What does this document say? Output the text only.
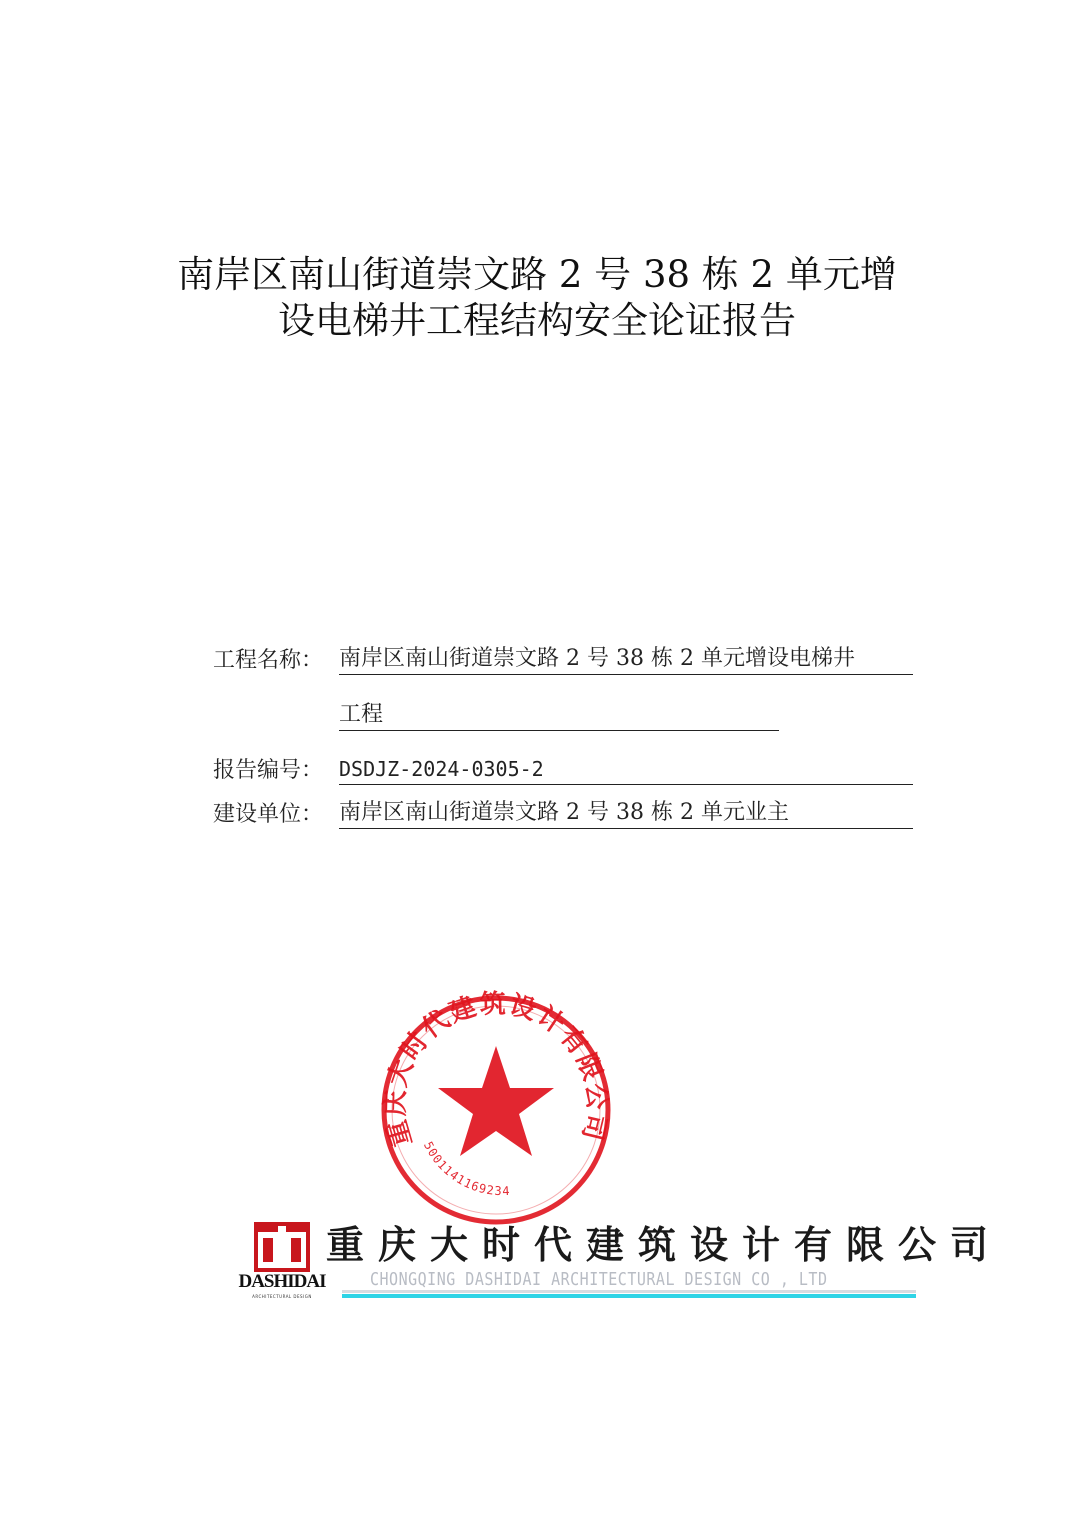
南岸区南山街道崇文路 2 号 38 栋 2 单元增
设电梯井工程结构安全论证报告
工程名称： 南岸区南山街道崇文路 2 号 38 栋 2 单元增设电梯井
工程
报告编号： DSDJZ-2024-0305-2
建设单位： 南岸区南山街道崇文路 2 号 38 栋 2 单元业主
重庆大时代建筑设计有限公司
5001141169234
DASHIDAI
ARCHITECTURAL DESIGN
重庆大时代建筑设计有限公司
CHONGQING DASHIDAI ARCHITECTURAL DESIGN CO , LTD
